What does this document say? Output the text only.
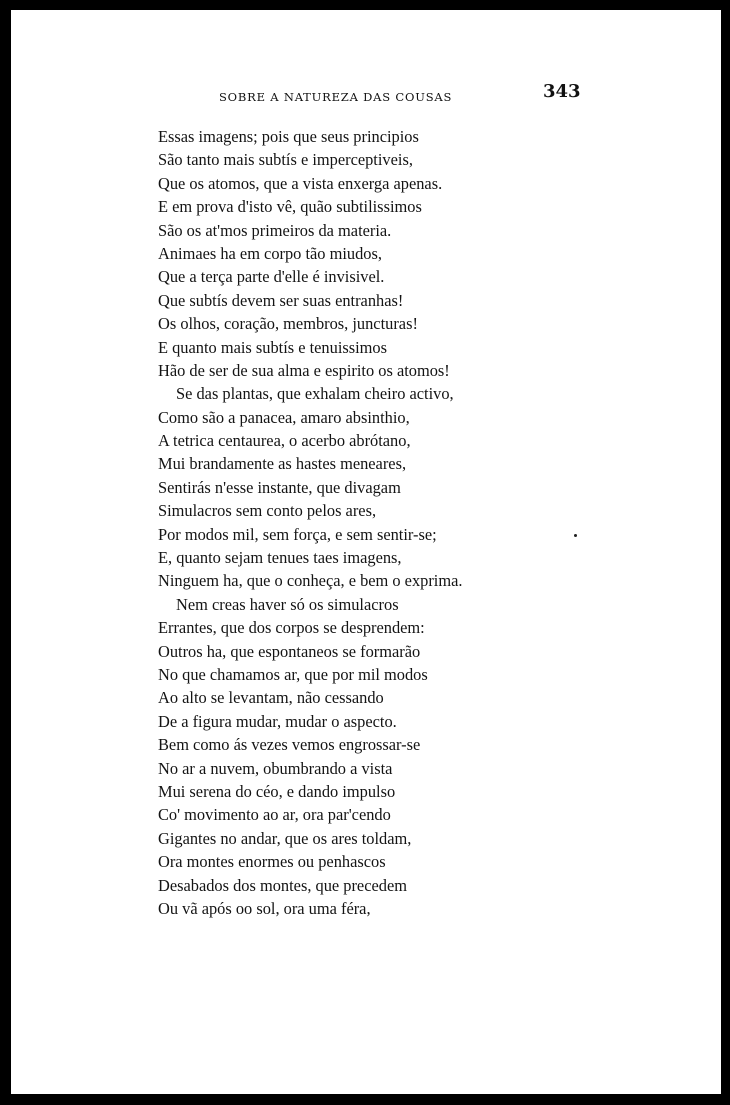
SOBRE A NATUREZA DAS COUSAS	343
Essas imagens; pois que seus principios
São tanto mais subtís e imperceptiveis,
Que os atomos, que a vista enxerga apenas.
E em prova d'isto vê, quão subtilissimos
São os at'mos primeiros da materia.
Animaes ha em corpo tão miudos,
Que a terça parte d'elle é invisivel.
Que subtís devem ser suas entranhas!
Os olhos, coração, membros, juncturas!
E quanto mais subtís e tenuissimos
Hão de ser de sua alma e espirito os atomos!
Se das plantas, que exhalam cheiro activo,
Como são a panacea, amaro absinthio,
A tetrica centaurea, o acerbo abrótano,
Mui brandamente as hastes meneares,
Sentirás n'esse instante, que divagam
Simulacros sem conto pelos ares,
Por modos mil, sem força, e sem sentir-se;
E, quanto sejam tenues taes imagens,
Ninguem ha, que o conheça, e bem o exprima.
Nem creas haver só os simulacros
Errantes, que dos corpos se desprendem:
Outros ha, que espontaneos se formarão
No que chamamos ar, que por mil modos
Ao alto se levantam, não cessando
De a figura mudar, mudar o aspecto.
Bem como ás vezes vemos engrossar-se
No ar a nuvem, obumbrando a vista
Mui serena do céo, e dando impulso
Co' movimento ao ar, ora par'cendo
Gigantes no andar, que os ares toldam,
Ora montes enormes ou penhascos
Desabados dos montes, que precedem
Ou vã após oo sol, ora uma féra,
